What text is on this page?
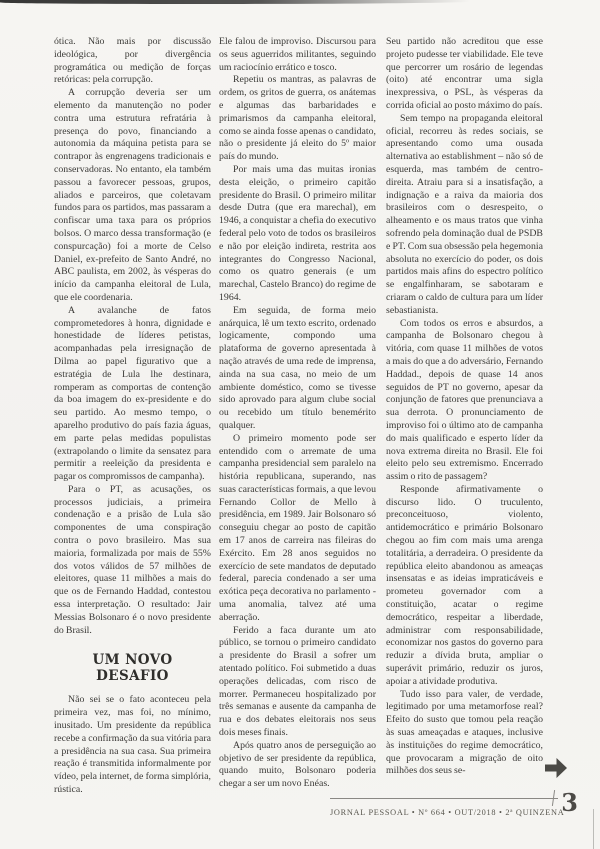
ótica. Não mais por discussão ideológica, por divergência programática ou medição de forças retóricas: pela corrupção.

A corrupção deveria ser um elemento da manutenção no poder contra uma estrutura refratária à presença do povo, financiando a autonomia da máquina petista para se contrapor às engrenagens tradicionais e conservadoras. No entanto, ela também passou a favorecer pessoas, grupos, aliados e parceiros, que coletavam fundos para os partidos, mas passaram a confiscar uma taxa para os próprios bolsos. O marco dessa transformação (e conspurcação) foi a morte de Celso Daniel, ex-prefeito de Santo André, no ABC paulista, em 2002, às vésperas do início da campanha eleitoral de Lula, que ele coordenaria.

A avalanche de fatos comprometedores à honra, dignidade e honestidade de líderes petistas, acompanhadas pela irresignação de Dilma ao papel figurativo que a estratégia de Lula lhe destinara, romperam as comportas de contenção da boa imagem do ex-presidente e do seu partido. Ao mesmo tempo, o aparelho produtivo do país fazia águas, em parte pelas medidas populistas (extrapolando o limite da sensatez para permitir a reeleição da presidenta e pagar os compromissos de campanha).

Para o PT, as acusações, os processos judiciais, a primeira condenação e a prisão de Lula são componentes de uma conspiração contra o povo brasileiro. Mas sua maioria, formalizada por mais de 55% dos votos válidos de 57 milhões de eleitores, quase 11 milhões a mais do que os de Fernando Haddad, contestou essa interpretação. O resultado: Jair Messias Bolsonaro é o novo presidente do Brasil.

UM NOVO DESAFIO

Não sei se o fato aconteceu pela primeira vez, mas foi, no mínimo, inusitado. Um presidente da república recebe a confirmação da sua vitória para a presidência na sua casa. Sua primeira reação é transmitida informalmente por vídeo, pela internet, de forma simplória, rústica.

Ele falou de improviso. Discursou para os seus aguerridos militantes, seguindo um raciocínio errático e tosco.

Repetiu os mantras, as palavras de ordem, os gritos de guerra, os anátemas e algumas das barbaridades e primarismos da campanha eleitoral, como se ainda fosse apenas o candidato, não o presidente já eleito do 5º maior país do mundo.

Por mais uma das muitas ironias desta eleição, o primeiro capitão presidente do Brasil. O primeiro militar desde Dutra (que era marechal), em 1946, a conquistar a chefia do executivo federal pelo voto de todos os brasileiros e não por eleição indireta, restrita aos integrantes do Congresso Nacional, como os quatro generais (e um marechal, Castelo Branco) do regime de 1964.

Em seguida, de forma meio anárquica, lê um texto escrito, ordenado logicamente, compondo uma plataforma de governo apresentada à nação através de uma rede de imprensa, ainda na sua casa, no meio de um ambiente doméstico, como se tivesse sido aprovado para algum clube social ou recebido um título benemérito qualquer.

O primeiro momento pode ser entendido com o arremate de uma campanha presidencial sem paralelo na história republicana, superando, nas suas características formais, a que levou Fernando Collor de Mello à presidência, em 1989. Jair Bolsonaro só conseguiu chegar ao posto de capitão em 17 anos de carreira nas fileiras do Exército. Em 28 anos seguidos no exercício de sete mandatos de deputado federal, parecia condenado a ser uma exótica peça decorativa no parlamento - uma anomalia, talvez até uma aberração.

Ferido a faca durante um ato público, se tornou o primeiro candidato a presidente do Brasil a sofrer um atentado político. Foi submetido a duas operações delicadas, com risco de morrer. Permaneceu hospitalizado por três semanas e ausente da campanha de rua e dos debates eleitorais nos seus dois meses finais.

Após quatro anos de perseguição ao objetivo de ser presidente da república, quando muito, Bolsonaro poderia chegar a ser um novo Enéas.

Seu partido não acreditou que esse projeto pudesse ter viabilidade. Ele teve que percorrer um rosário de legendas (oito) até encontrar uma sigla inexpressiva, o PSL, às vésperas da corrida oficial ao posto máximo do país.

Sem tempo na propaganda eleitoral oficial, recorreu às redes sociais, se apresentando como uma ousada alternativa ao establishment – não só de esquerda, mas também de centro-direita. Atraiu para si a insatisfação, a indignação e a raiva da maioria dos brasileiros com o desrespeito, o alheamento e os maus tratos que vinha sofrendo pela dominação dual de PSDB e PT. Com sua obsessão pela hegemonia absoluta no exercício do poder, os dois partidos mais afins do espectro político se engalfinharam, se sabotaram e criaram o caldo de cultura para um líder sebastianista.

Com todos os erros e absurdos, a campanha de Bolsonaro chegou à vitória, com quase 11 milhões de votos a mais do que a do adversário, Fernando Haddad., depois de quase 14 anos seguidos de PT no governo, apesar da conjunção de fatores que prenunciava a sua derrota. O pronunciamento de improviso foi o último ato de campanha do mais qualificado e esperto líder da nova extrema direita no Brasil. Ele foi eleito pelo seu extremismo. Encerrado assim o rito de passagem?

Responde afirmativamente o discurso lido. O truculento, preconceituoso, violento, antidemocrático e primário Bolsonaro chegou ao fim com mais uma arenga totalitária, a derradeira. O presidente da república eleito abandonou as ameaças insensatas e as ideias impraticáveis e prometeu governador com a constituição, acatar o regime democrático, respeitar a liberdade, administrar com responsabilidade, economizar nos gastos do governo para reduzir a dívida bruta, ampliar o superávit primário, reduzir os juros, apoiar a atividade produtiva.

Tudo isso para valer, de verdade, legitimado por uma metamorfose real? Efeito do susto que tomou pela reação às suas ameaçadas e ataques, inclusive às instituições do regime democrático, que provocaram a migração de oito milhões dos seus se-

JORNAL PESSOAL • Nº 664 • OUT/2018 • 2ª QUINZENA
3
